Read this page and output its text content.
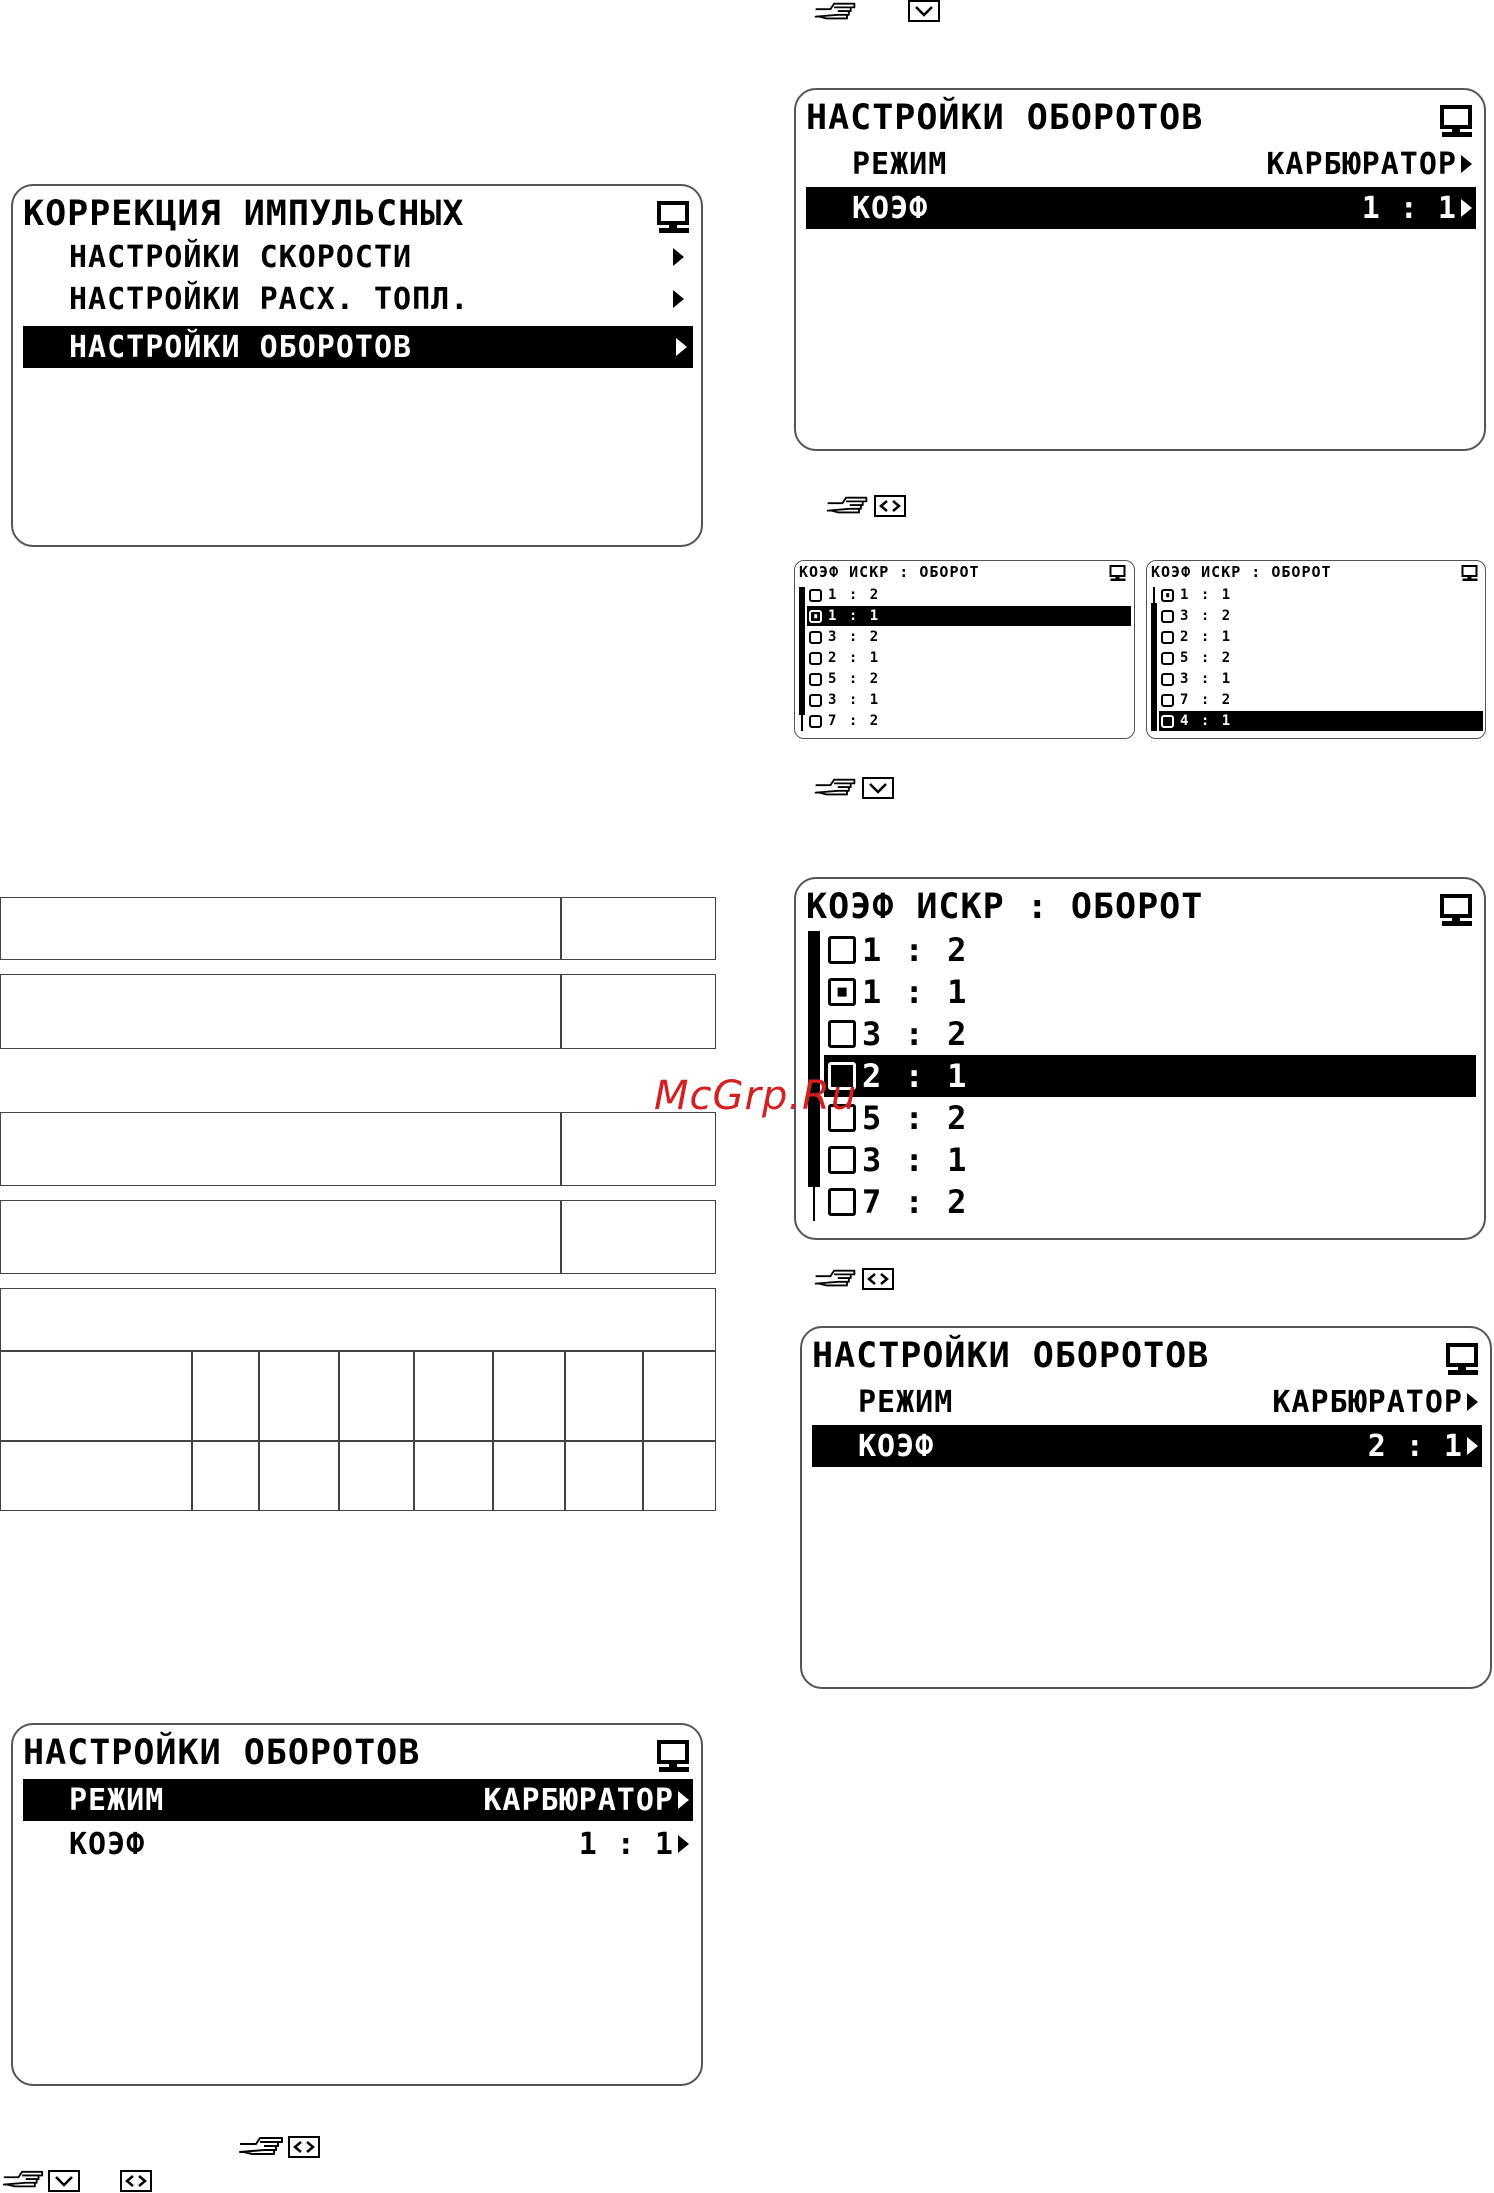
КОРРЕКЦИЯ ИМПУЛЬСНЫХ
НАСТРОЙКИ СКОРОСТИ
НАСТРОЙКИ РАСХ. ТОПЛ.
НАСТРОЙКИ ОБОРОТОВ
НАСТРОЙКИ ОБОРОТОВ
РЕЖИМ	КАРБЮРАТОР
КОЭФ	1 : 1
НАСТРОЙКИ ОБОРОТОВ
РЕЖИМ	КАРБЮРАТОР
КОЭФ	1 : 1
КОЭФ ИСКР : ОБОРОТ
1 : 2
1 : 1
3 : 2
2 : 1
5 : 2
3 : 1
7 : 2
КОЭФ ИСКР : ОБОРОТ
1 : 1
3 : 2
2 : 1
5 : 2
3 : 1
7 : 2
4 : 1
КОЭФ ИСКР : ОБОРОТ
1 : 2
1 : 1
3 : 2
2 : 1
5 : 2
3 : 1
7 : 2
McGrp.Ru
НАСТРОЙКИ ОБОРОТОВ
РЕЖИМ	КАРБЮРАТОР
КОЭФ	2 : 1
